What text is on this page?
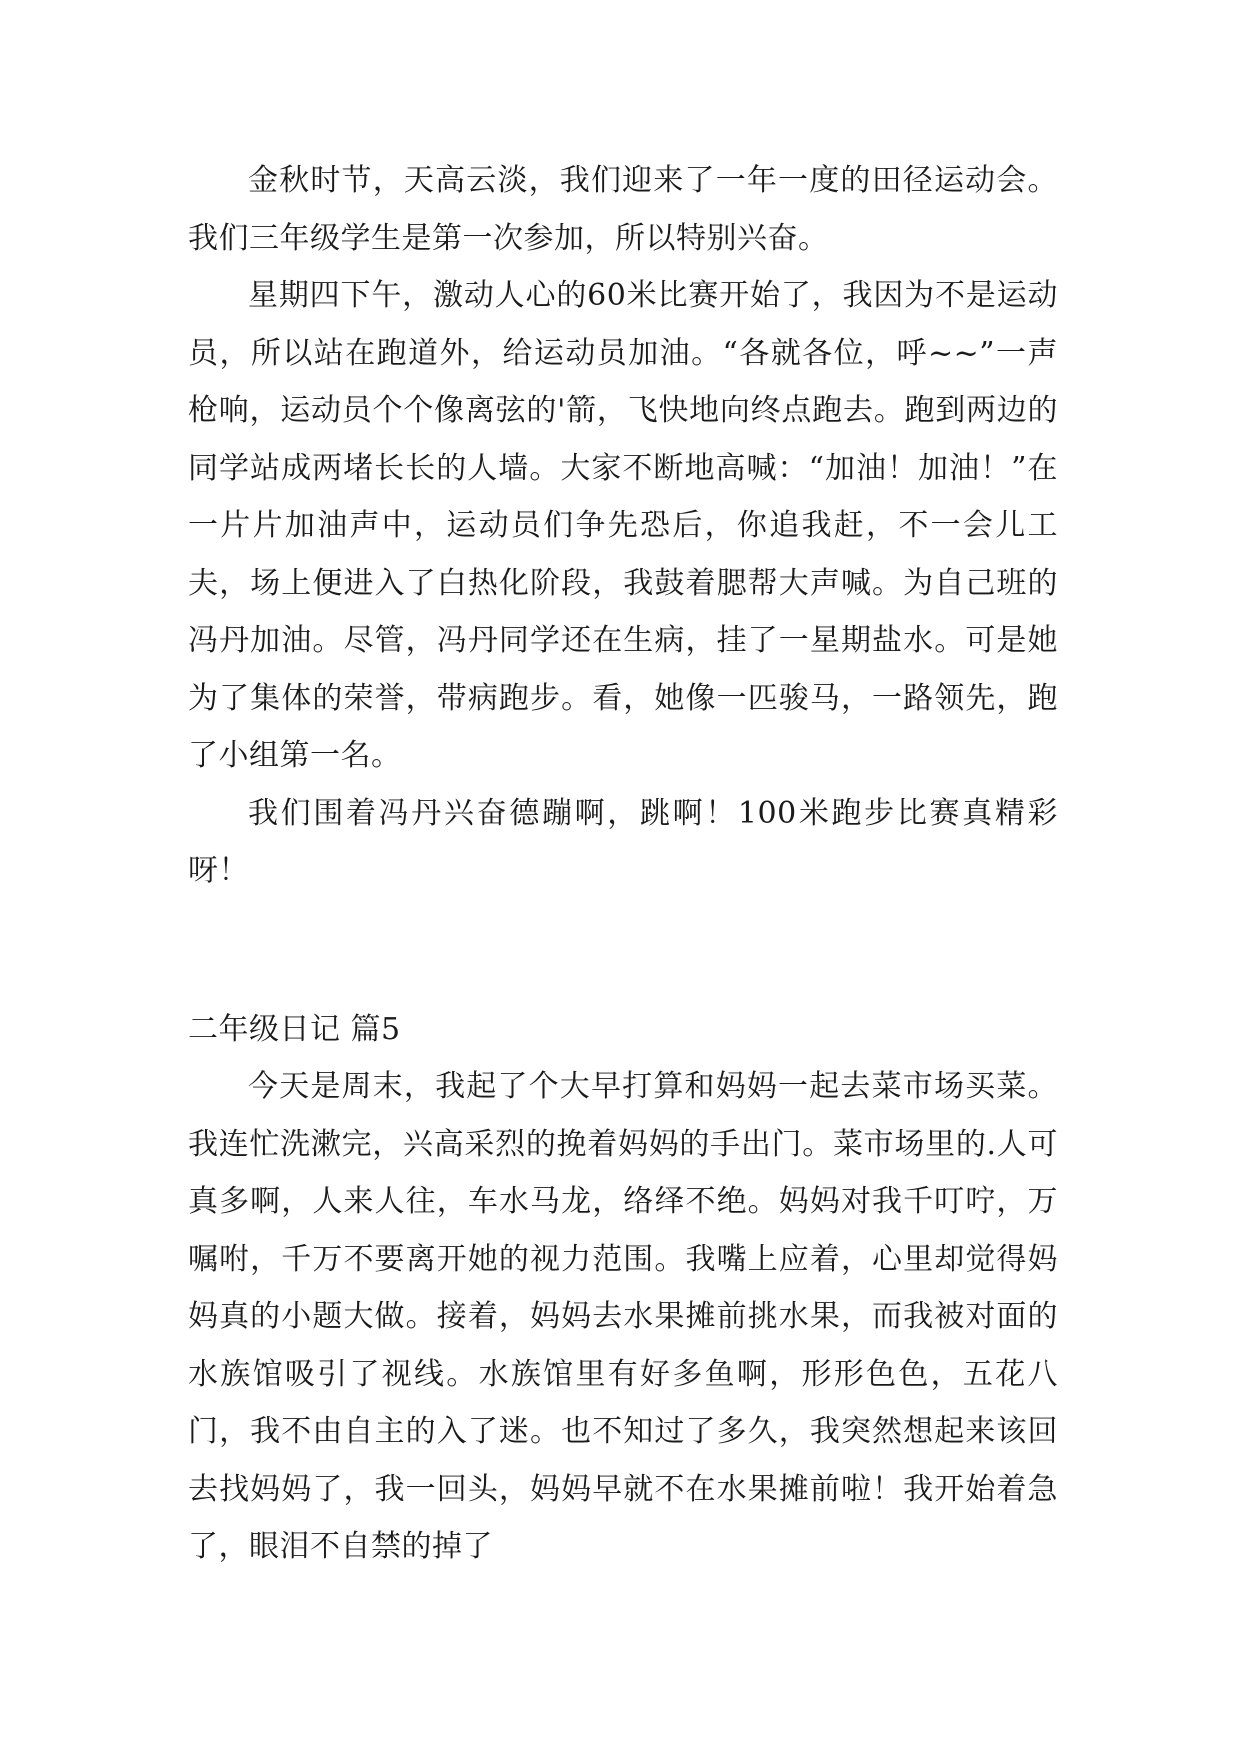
金秋时节，天高云淡，我们迎来了一年一度的田径运动会。我们三年级学生是第一次参加，所以特别兴奋。

星期四下午，激动人心的60米比赛开始了，我因为不是运动员，所以站在跑道外，给运动员加油。“各就各位，呼~~”一声枪响，运动员个个像离弦的'箭，飞快地向终点跑去。跑到两边的同学站成两堵长长的人墙。大家不断地高喊：“加油！加油！”在一片片加油声中，运动员们争先恐后，你追我赶，不一会儿工夫，场上便进入了白热化阶段，我鼓着腮帮大声喊。为自己班的冯丹加油。尽管，冯丹同学还在生病，挂了一星期盐水。可是她为了集体的荣誉，带病跑步。看，她像一匹骏马，一路领先，跑了小组第一名。

我们围着冯丹兴奋德蹦啊，跳啊！100米跑步比赛真精彩呀！

二年级日记 篇5

今天是周末，我起了个大早打算和妈妈一起去菜市场买菜。我连忙洗漱完，兴高采烈的挽着妈妈的手出门。菜市场里的.人可真多啊，人来人往，车水马龙，络绎不绝。妈妈对我千叮咛，万嘱咐，千万不要离开她的视力范围。我嘴上应着，心里却觉得妈妈真的小题大做。接着，妈妈去水果摊前挑水果，而我被对面的水族馆吸引了视线。水族馆里有好多鱼啊，形形色色，五花八门，我不由自主的入了迷。也不知过了多久，我突然想起来该回去找妈妈了，我一回头，妈妈早就不在水果摊前啦！我开始着急了，眼泪不自禁的掉了
